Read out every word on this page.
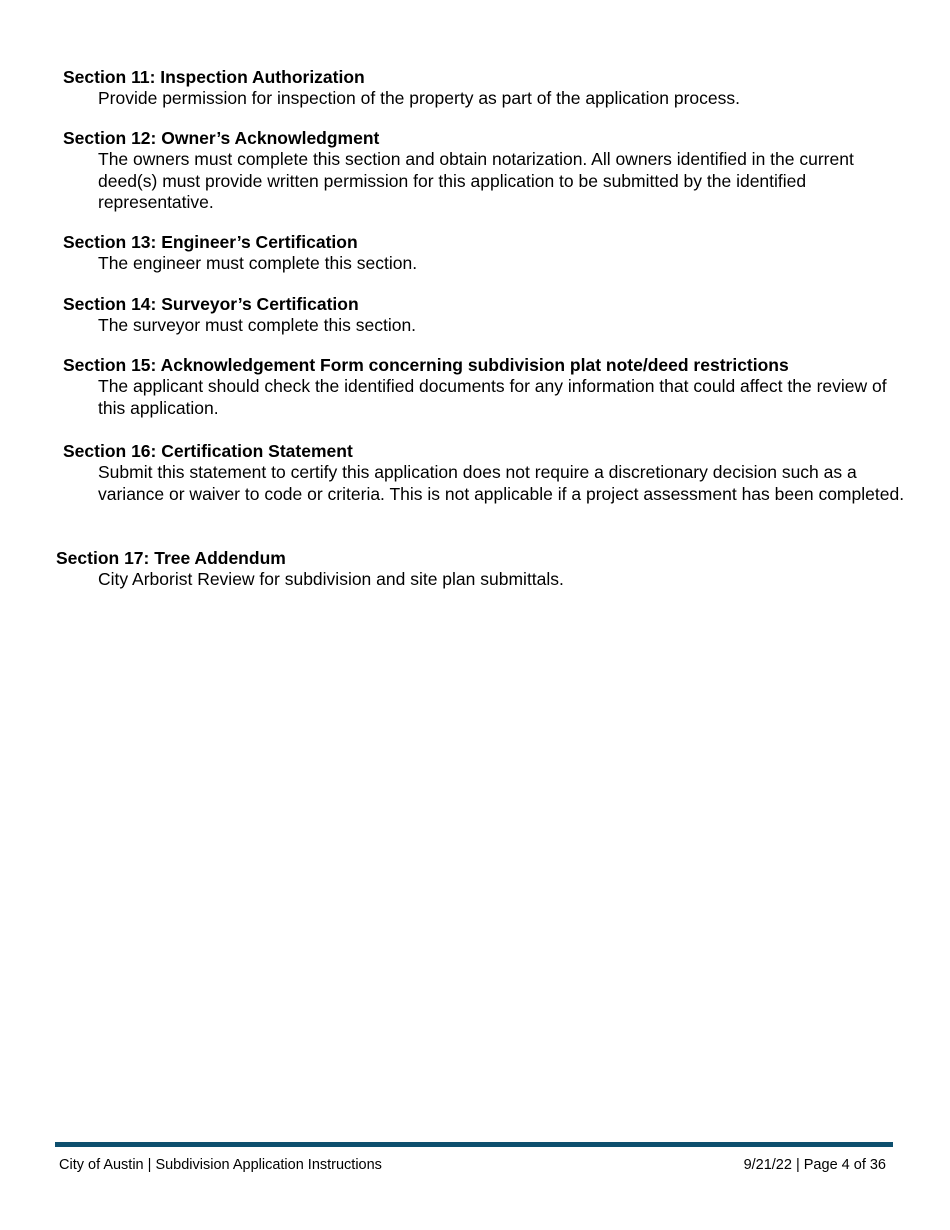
Section 11: Inspection Authorization
Provide permission for inspection of the property as part of the application process.
Section 12: Owner’s Acknowledgment
The owners must complete this section and obtain notarization. All owners identified in the current deed(s) must provide written permission for this application to be submitted by the identified representative.
Section 13: Engineer’s Certification
The engineer must complete this section.
Section 14: Surveyor’s Certification
The surveyor must complete this section.
Section 15: Acknowledgement Form concerning subdivision plat note/deed restrictions
The applicant should check the identified documents for any information that could affect the review of this application.
Section 16: Certification Statement
Submit this statement to certify this application does not require a discretionary decision such as a variance or waiver to code or criteria. This is not applicable if a project assessment has been completed.
Section 17: Tree Addendum
City Arborist Review for subdivision and site plan submittals.
City of Austin | Subdivision Application Instructions	9/21/22 | Page 4 of 36
